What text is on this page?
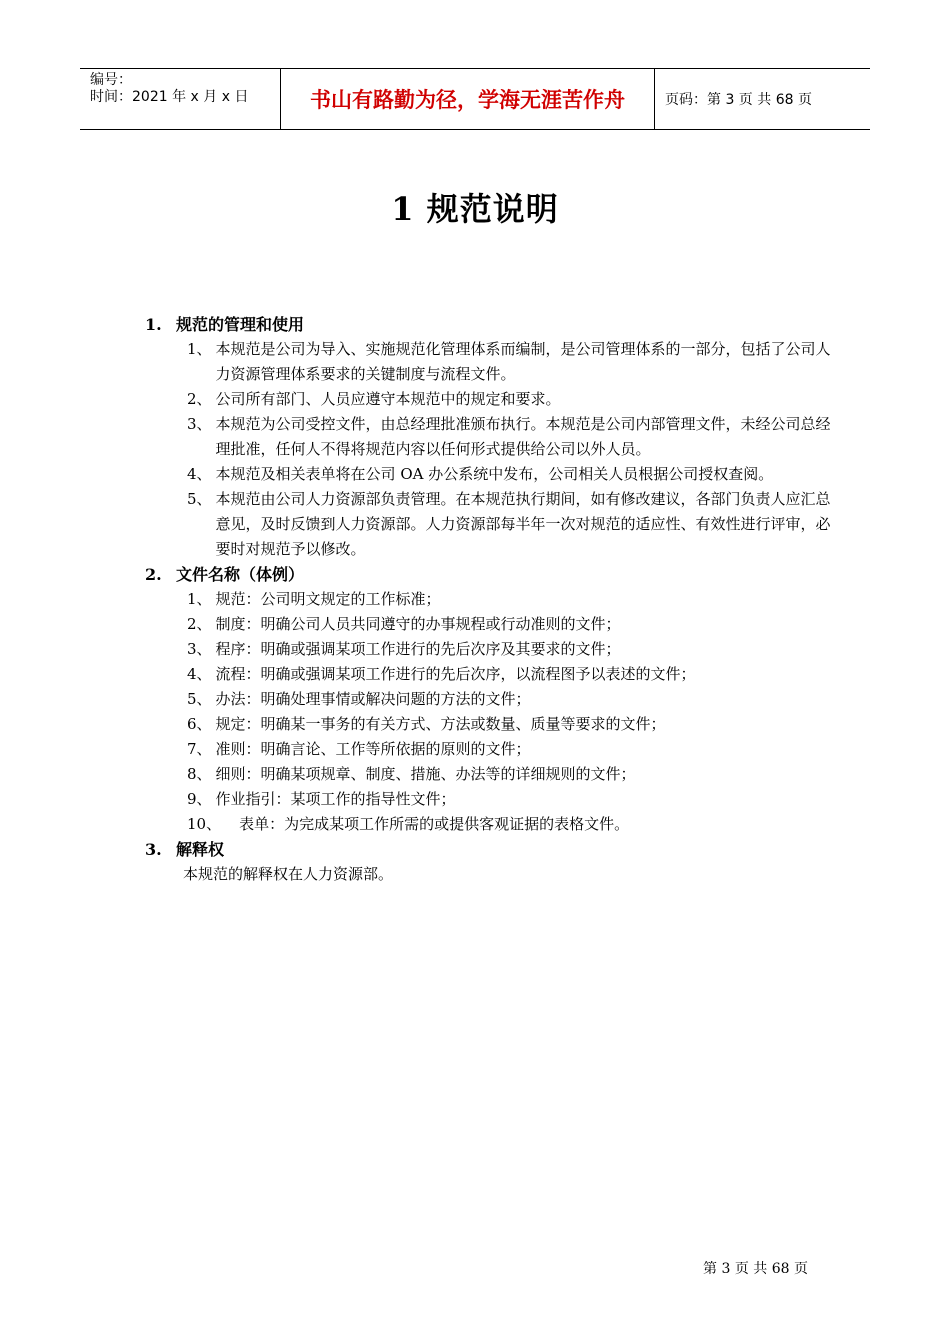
编号：
时间：2021 年 x 月 x 日	书山有路勤为径，学海无涯苦作舟	页码：第 3 页 共 68 页
1 规范说明
1. 规范的管理和使用
1、 本规范是公司为导入、实施规范化管理体系而编制，是公司管理体系的一部分，包括了公司人力资源管理体系要求的关键制度与流程文件。
2、 公司所有部门、人员应遵守本规范中的规定和要求。
3、 本规范为公司受控文件，由总经理批准颁布执行。本规范是公司内部管理文件，未经公司总经理批准，任何人不得将规范内容以任何形式提供给公司以外人员。
4、 本规范及相关表单将在公司 OA 办公系统中发布，公司相关人员根据公司授权查阅。
5、 本规范由公司人力资源部负责管理。在本规范执行期间，如有修改建议，各部门负责人应汇总意见，及时反馈到人力资源部。人力资源部每半年一次对规范的适应性、有效性进行评审，必要时对规范予以修改。
2. 文件名称（体例）
1、 规范：公司明文规定的工作标准；
2、 制度：明确公司人员共同遵守的办事规程或行动准则的文件；
3、 程序：明确或强调某项工作进行的先后次序及其要求的文件；
4、 流程：明确或强调某项工作进行的先后次序，以流程图予以表述的文件；
5、 办法：明确处理事情或解决问题的方法的文件；
6、 规定：明确某一事务的有关方式、方法或数量、质量等要求的文件；
7、 准则：明确言论、工作等所依据的原则的文件；
8、 细则：明确某项规章、制度、措施、办法等的详细规则的文件；
9、 作业指引：某项工作的指导性文件；
10、	表单：为完成某项工作所需的或提供客观证据的表格文件。
3. 解释权
本规范的解释权在人力资源部。
第 3 页 共 68 页
